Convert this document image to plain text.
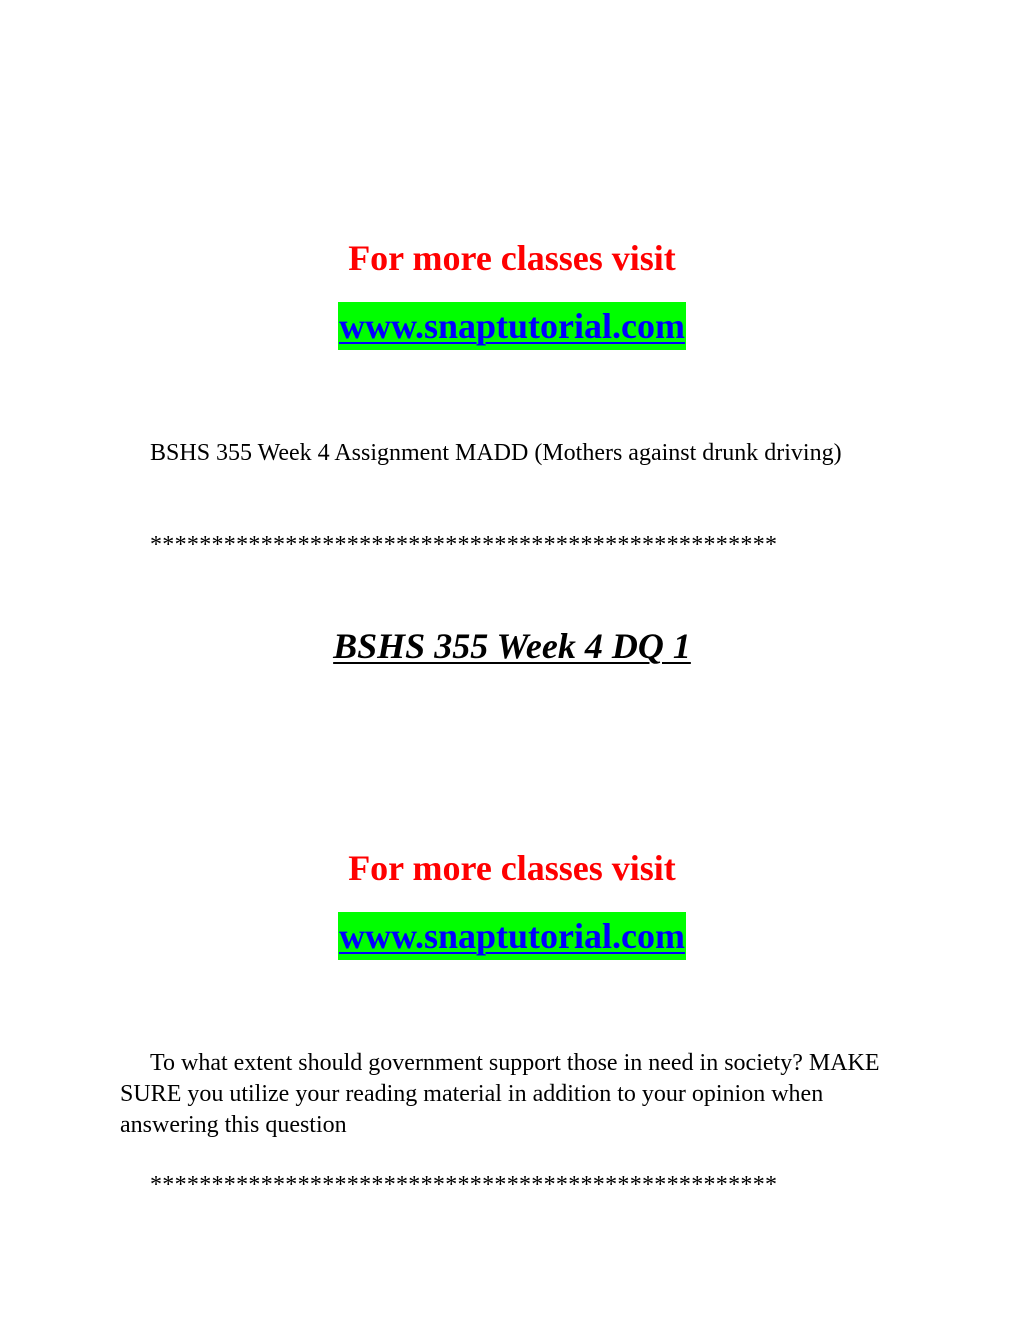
For more classes visit
www.snaptutorial.com

BSHS 355 Week 4 Assignment MADD (Mothers against drunk driving)

***************************************************

BSHS 355 Week 4 DQ 1
For more classes visit
www.snaptutorial.com

To what extent should government support those in need in society? MAKE SURE you utilize your reading material in addition to your opinion when answering this question

***************************************************
